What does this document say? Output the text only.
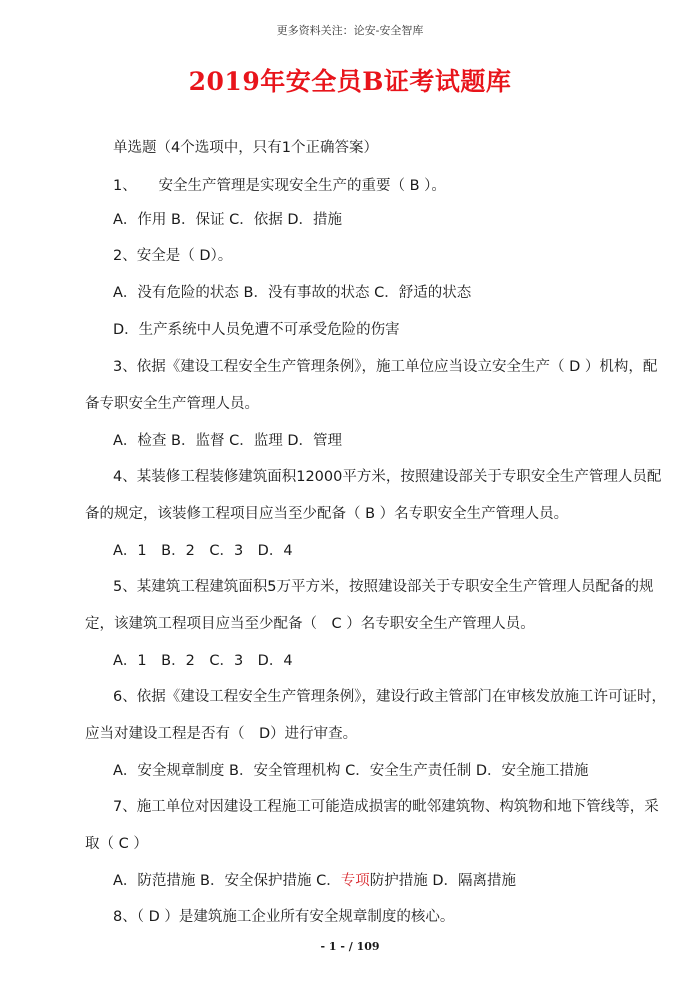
更多资料关注：论安-安全智库
2019年安全员B证考试题库
单选题（4个选项中，只有1个正确答案）
1、　　安全生产管理是实现安全生产的重要（ B ）。
A．作用 B．保证 C．依据 D．措施
2、安全是（ D）。
A．没有危险的状态 B．没有事故的状态 C．舒适的状态
D．生产系统中人员免遭不可承受危险的伤害
3、依据《建设工程安全生产管理条例》，施工单位应当设立安全生产（ D ）机构，配
备专职安全生产管理人员。
A．检查 B．监督 C．监理 D．管理
4、某装修工程装修建筑面积12000平方米，按照建设部关于专职安全生产管理人员配
备的规定，该装修工程项目应当至少配备（ B ）名专职安全生产管理人员。
A．1　B．2　C．3　D．4
5、某建筑工程建筑面积5万平方米，按照建设部关于专职安全生产管理人员配备的规
定，该建筑工程项目应当至少配备（　C ）名专职安全生产管理人员。
A．1　B．2　C．3　D．4
6、依据《建设工程安全生产管理条例》，建设行政主管部门在审核发放施工许可证时，
应当对建设工程是否有（　D）进行审查。
A．安全规章制度 B．安全管理机构 C．安全生产责任制 D．安全施工措施
7、施工单位对因建设工程施工可能造成损害的毗邻建筑物、构筑物和地下管线等，采
取（ C ）
A．防范措施 B．安全保护措施 C．专项防护措施 D．隔离措施
8、（ D ）是建筑施工企业所有安全规章制度的核心。
- 1 - / 109
